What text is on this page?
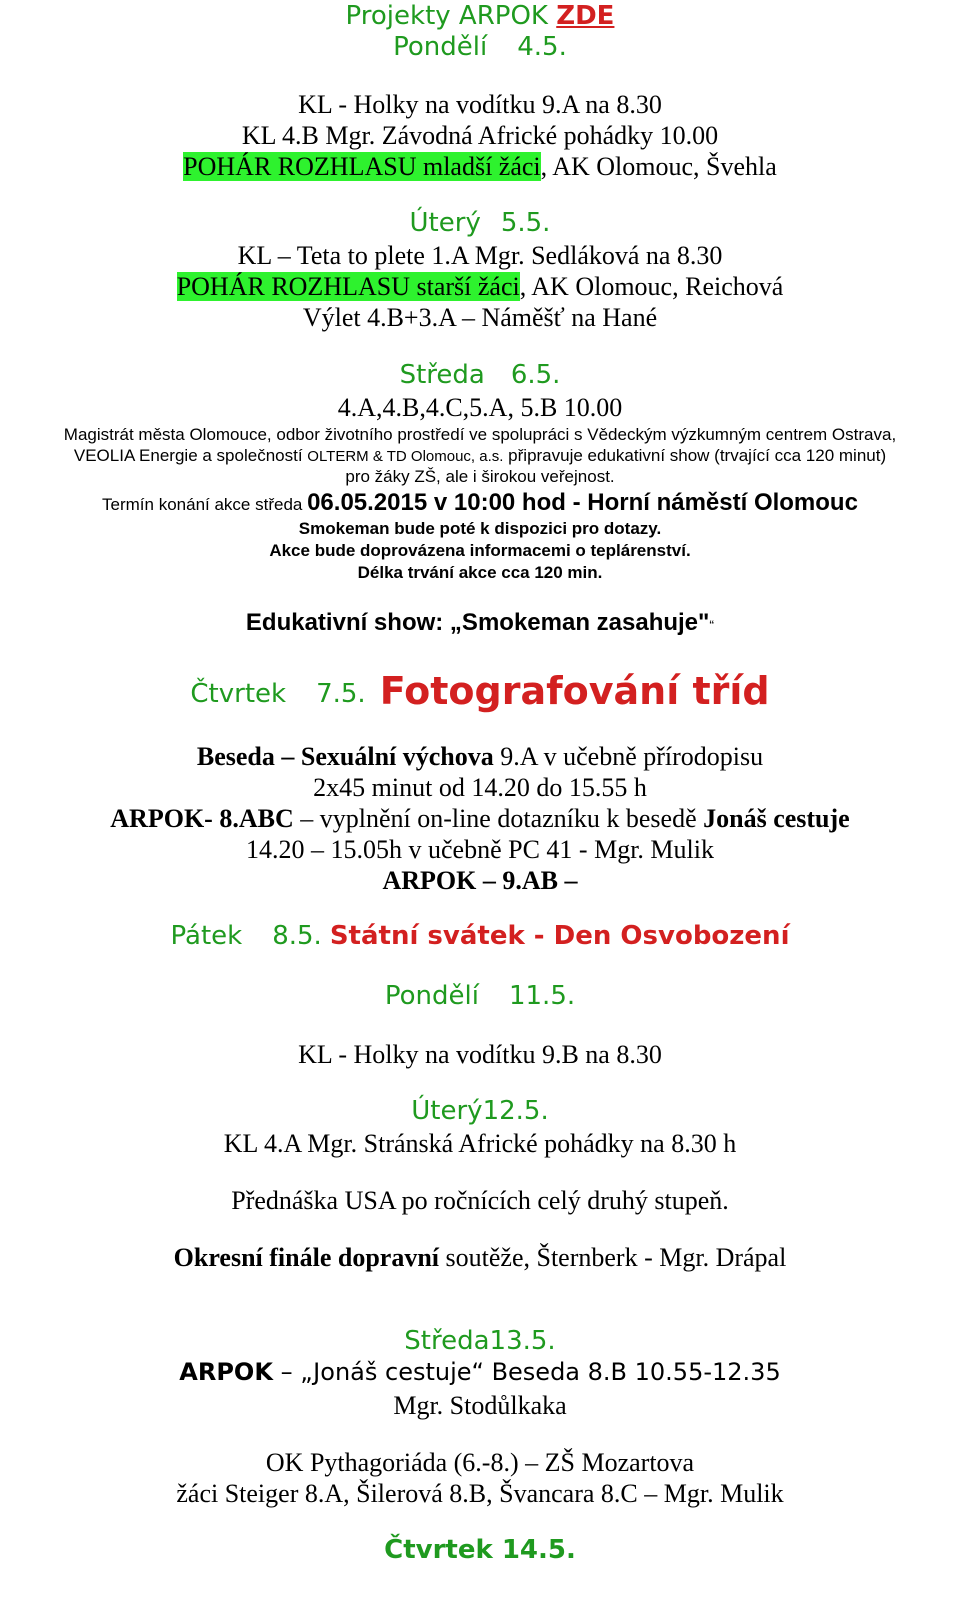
Projekty ARPOK ZDE
Pondělí 4.5.
KL - Holky na vodítku 9.A na 8.30
KL 4.B Mgr. Závodná Africké pohádky 10.00
POHÁR ROZHLASU mladší žáci, AK Olomouc, Švehla
Úterý 5.5.
KL – Teta to plete 1.A Mgr. Sedláková na 8.30
POHÁR ROZHLASU starší žáci, AK Olomouc, Reichová
Výlet 4.B+3.A – Náměšť na Hané
Středa 6.5.
4.A,4.B,4.C,5.A, 5.B 10.00
Magistrát města Olomouce, odbor životního prostředí ve spolupráci s Vědeckým výzkumným centrem Ostrava,
VEOLIA Energie a společností OLTERM & TD Olomouc, a.s. připravuje edukativní show (trvající cca 120 minut)
pro žáky ZŠ, ale i širokou veřejnost.
Termín konání akce středa 06.05.2015 v 10:00 hod - Horní náměstí Olomouc
Smokeman bude poté k dispozici pro dotazy.
Akce bude doprovázena informacemi o teplárenství.
Délka trvání akce cca 120 min.
Edukativní show: „Smokeman zasahuje"“
Čtvrtek 7.5. Fotografování tříd
Beseda – Sexuální výchova 9.A v učebně přírodopisu
2x45 minut od 14.20 do 15.55 h
ARPOK- 8.ABC – vyplnění on-line dotazníku k besedě Jonáš cestuje
14.20 – 15.05h v učebně PC 41 - Mgr. Mulik
ARPOK – 9.AB –
Pátek 8.5. Státní svátek - Den Osvobození
Pondělí 11.5.
KL - Holky na vodítku 9.B na 8.30
Úterý12.5.
KL 4.A Mgr. Stránská Africké pohádky na 8.30 h
Přednáška USA po ročnících celý druhý stupeň.
Okresní finále dopravní soutěže, Šternberk - Mgr. Drápal
Středa13.5.
ARPOK – „Jonáš cestuje“ Beseda 8.B 10.55-12.35
Mgr. Stodůlkaka
OK Pythagoriáda (6.-8.) – ZŠ Mozartova
žáci Steiger 8.A, Šilerová 8.B, Švancara 8.C – Mgr. Mulik
Čtvrtek 14.5.
